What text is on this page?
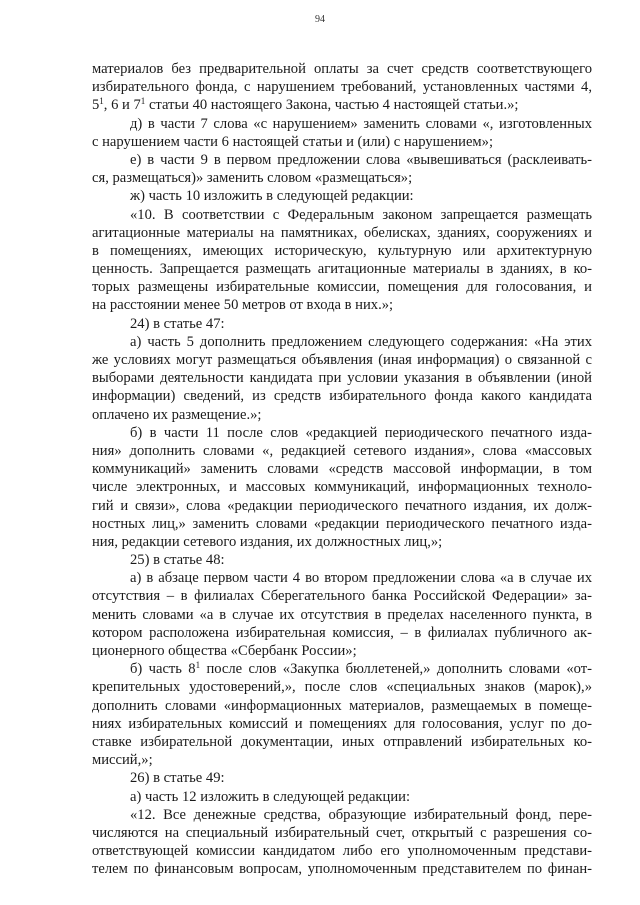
94
материалов без предварительной оплаты за счет средств соответствующего
избирательного фонда, с нарушением требований, установленных частями 4,
$5^1$, 6 и $7^1$ статьи 40 настоящего Закона, частью 4 настоящей статьи.»;
д) в части 7 слова «с нарушением» заменить словами «, изготовленных
с нарушением части 6 настоящей статьи и (или) с нарушением»;
е) в части 9 в первом предложении слова «вывешиваться (расклеивать-
ся, размещаться)» заменить словом «размещаться»;
ж) часть 10 изложить в следующей редакции:
«10. В соответствии с Федеральным законом запрещается размещать
агитационные материалы на памятниках, обелисках, зданиях, сооружениях и
в помещениях, имеющих историческую, культурную или архитектурную
ценность. Запрещается размещать агитационные материалы в зданиях, в ко-
торых размещены избирательные комиссии, помещения для голосования, и
на расстоянии менее 50 метров от входа в них.»;
24) в статье 47:
а) часть 5 дополнить предложением следующего содержания: «На этих
же условиях могут размещаться объявления (иная информация) о связанной с
выборами деятельности кандидата при условии указания в объявлении (иной
информации) сведений, из средств избирательного фонда какого кандидата
оплачено их размещение.»;
б) в части 11 после слов «редакцией периодического печатного изда-
ния» дополнить словами «, редакцией сетевого издания», слова «массовых
коммуникаций» заменить словами «средств массовой информации, в том
числе электронных, и массовых коммуникаций, информационных техноло-
гий и связи», слова «редакции периодического печатного издания, их долж-
ностных лиц,» заменить словами «редакции периодического печатного изда-
ния, редакции сетевого издания, их должностных лиц,»;
25) в статье 48:
а) в абзаце первом части 4 во втором предложении слова «а в случае их
отсутствия – в филиалах Сберегательного банка Российской Федерации» за-
менить словами «а в случае их отсутствия в пределах населенного пункта, в
котором расположена избирательная комиссия, – в филиалах публичного ак-
ционерного общества «Сбербанк России»;
б) часть $8^1$ после слов «Закупка бюллетеней,» дополнить словами «от-
крепительных удостоверений,», после слов «специальных знаков (марок),»
дополнить словами «информационных материалов, размещаемых в помеще-
ниях избирательных комиссий и помещениях для голосования, услуг по до-
ставке избирательной документации, иных отправлений избирательных ко-
миссий,»;
26) в статье 49:
а) часть 12 изложить в следующей редакции:
«12. Все денежные средства, образующие избирательный фонд, пере-
числяются на специальный избирательный счет, открытый с разрешения со-
ответствующей комиссии кандидатом либо его уполномоченным представи-
телем по финансовым вопросам, уполномоченным представителем по финан-
